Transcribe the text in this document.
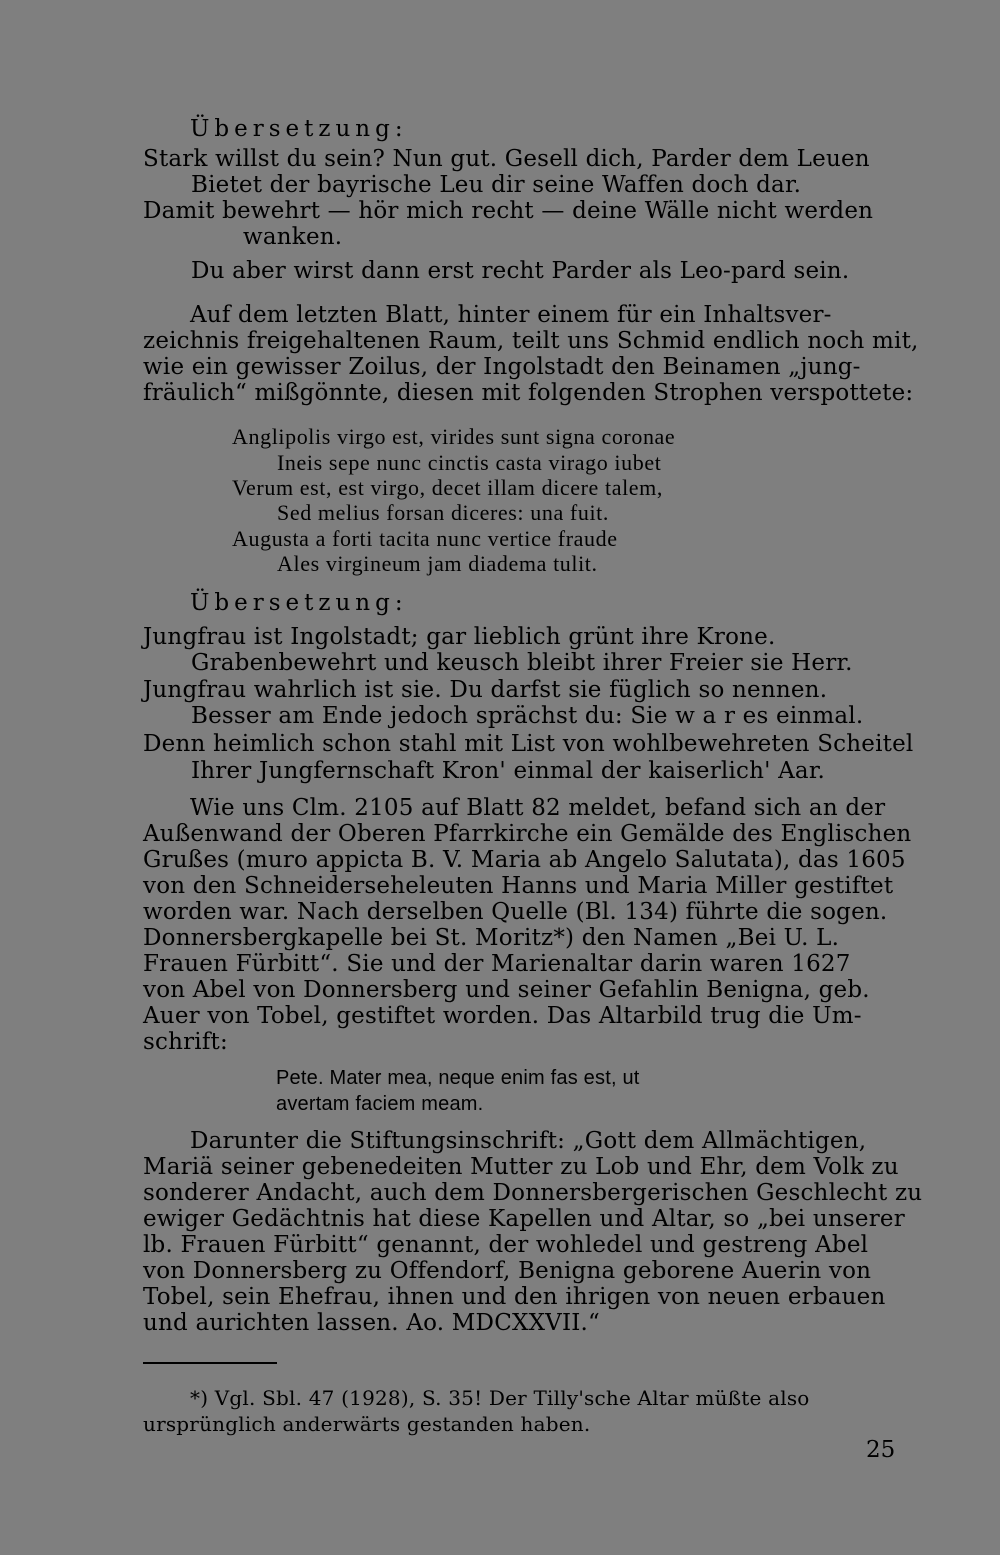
Übersetzung:
Stark willst du sein? Nun gut. Gesell dich, Parder dem Leuen
Bietet der bayrische Leu dir seine Waffen doch dar.
Damit bewehrt — hör mich recht — deine Wälle nicht werden
wanken.
Du aber wirst dann erst recht Parder als Leo-pard sein.
Auf dem letzten Blatt, hinter einem für ein Inhaltsver-
zeichnis freigehaltenen Raum, teilt uns Schmid endlich noch mit,
wie ein gewisser Zoilus, der Ingolstadt den Beinamen „jung-
fräulich“ mißgönnte, diesen mit folgenden Strophen verspottete:
Anglipolis virgo est, virides sunt signa coronae
Ineis sepe nunc cinctis casta virago iubet
Verum est, est virgo, decet illam dicere talem,
Sed melius forsan diceres: una fuit.
Augusta a forti tacita nunc vertice fraude
Ales virgineum jam diadema tulit.
Übersetzung:
Jungfrau ist Ingolstadt; gar lieblich grünt ihre Krone.
Grabenbewehrt und keusch bleibt ihrer Freier sie Herr.
Jungfrau wahrlich ist sie. Du darfst sie füglich so nennen.
Besser am Ende jedoch sprächst du: Sie w a r es einmal.
Denn heimlich schon stahl mit List von wohlbewehreten Scheitel
Ihrer Jungfernschaft Kron' einmal der kaiserlich' Aar.
Wie uns Clm. 2105 auf Blatt 82 meldet, befand sich an der
Außenwand der Oberen Pfarrkirche ein Gemälde des Englischen
Grußes (muro appicta B. V. Maria ab Angelo Salutata), das 1605
von den Schneiderseheleuten Hanns und Maria Miller gestiftet
worden war. Nach derselben Quelle (Bl. 134) führte die sogen.
Donnersbergkapelle bei St. Moritz*) den Namen „Bei U. L.
Frauen Fürbitt“. Sie und der Marienaltar darin waren 1627
von Abel von Donnersberg und seiner Gefahlin Benigna, geb.
Auer von Tobel, gestiftet worden. Das Altarbild trug die Um-
schrift:
Pete. Mater mea, neque enim fas est, ut
avertam faciem meam.
Darunter die Stiftungsinschrift: „Gott dem Allmächtigen,
Mariä seiner gebenedeiten Mutter zu Lob und Ehr, dem Volk zu
sonderer Andacht, auch dem Donnersbergerischen Geschlecht zu
ewiger Gedächtnis hat diese Kapellen und Altar, so „bei unserer
lb. Frauen Fürbitt“ genannt, der wohledel und gestreng Abel
von Donnersberg zu Offendorf, Benigna geborene Auerin von
Tobel, sein Ehefrau, ihnen und den ihrigen von neuen erbauen
und aurichten lassen. Ao. MDCXXVII.“
*) Vgl. Sbl. 47 (1928), S. 35! Der Tilly'sche Altar müßte also
ursprünglich anderwärts gestanden haben.
25
